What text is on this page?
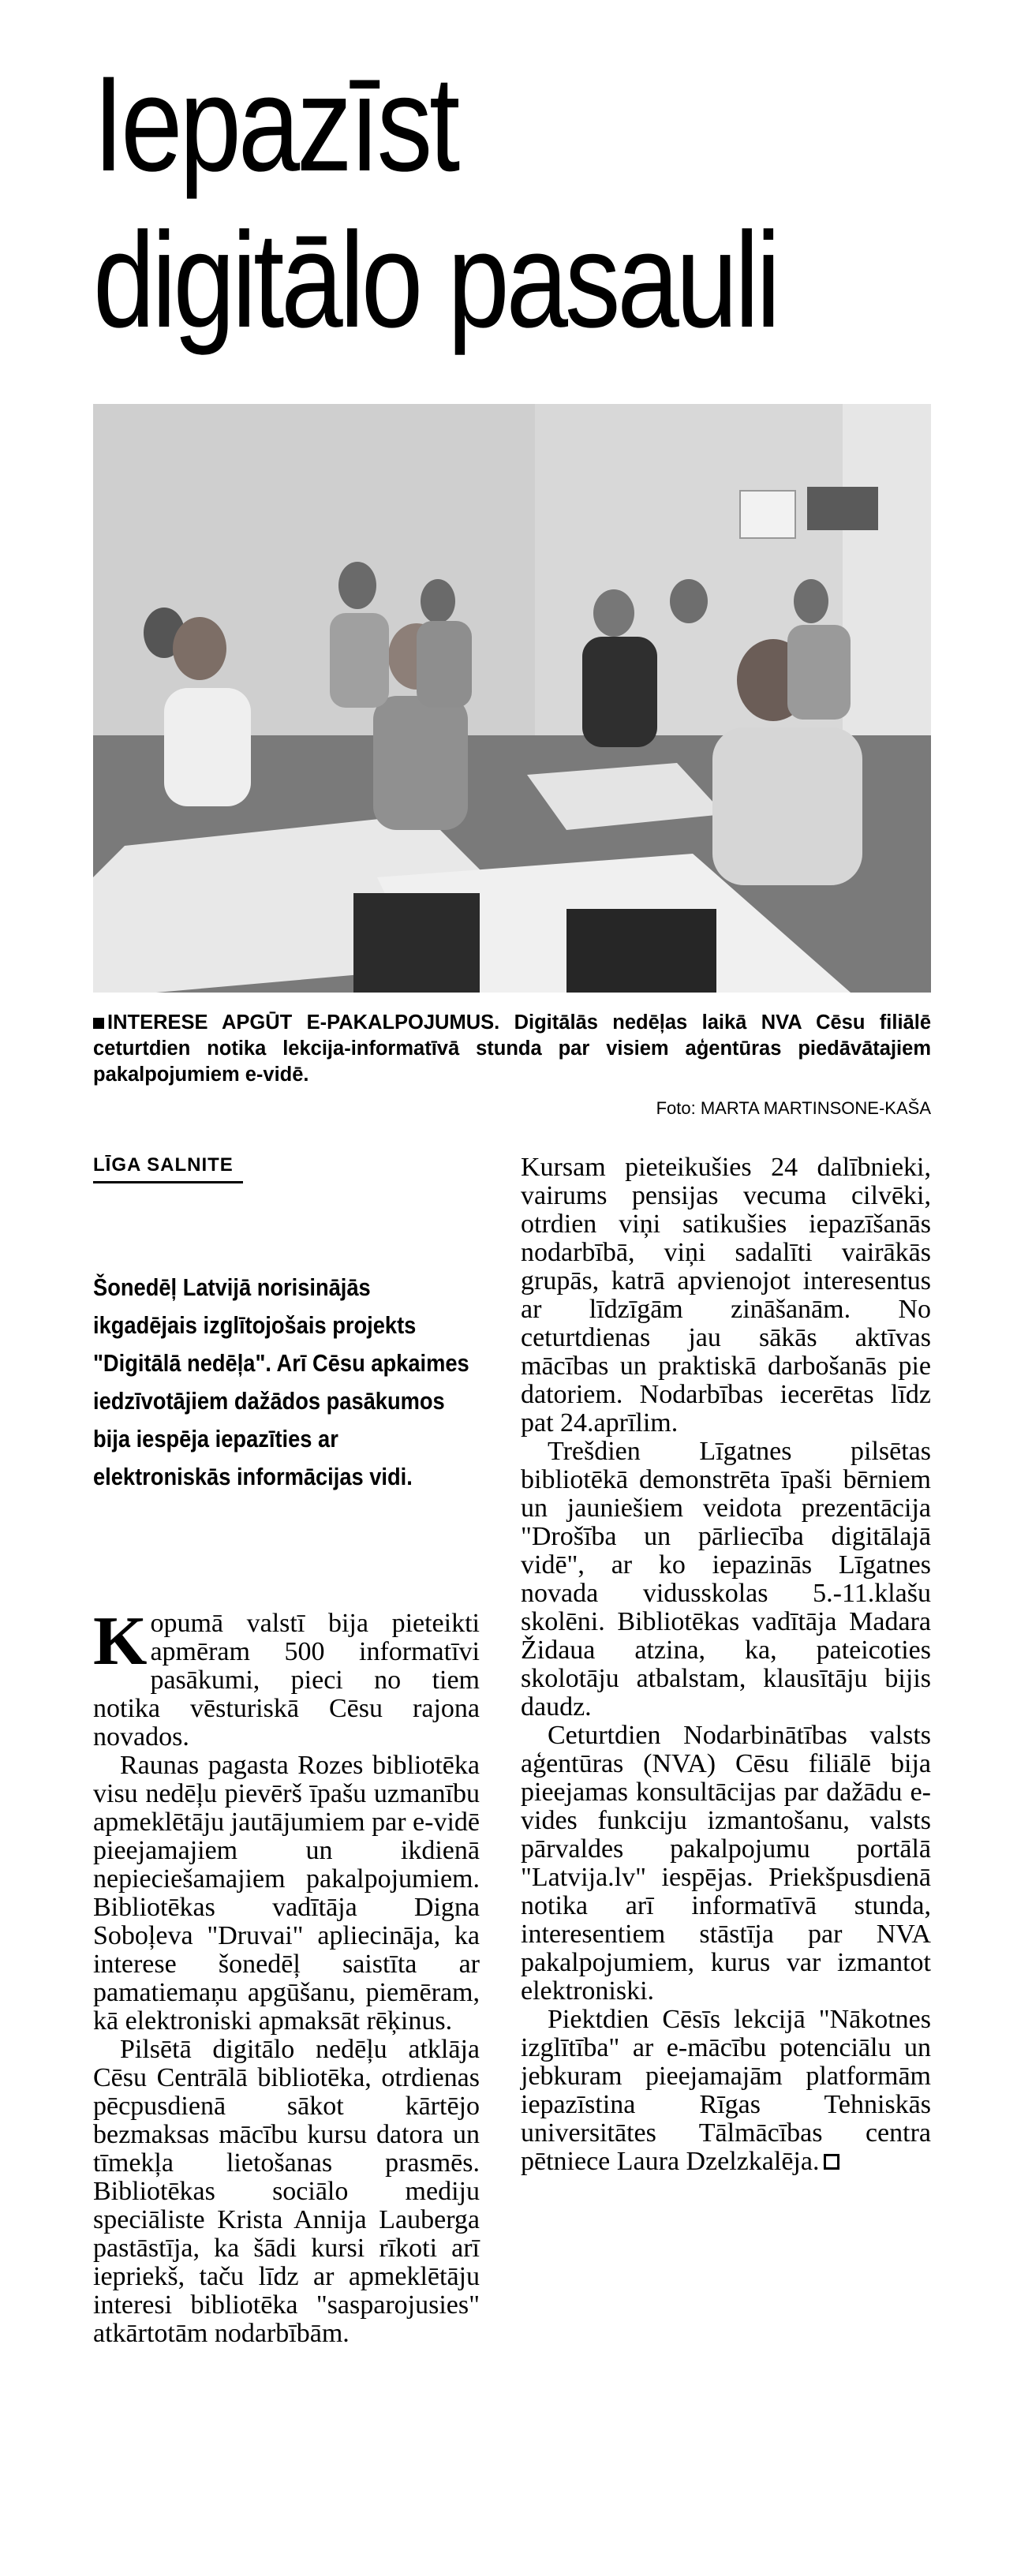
Iepazīst
digitālo pasauli
INTERESE APGŪT E-PAKALPOJUMUS. Digitālās nedēļas laikā NVA Cēsu filiālē ceturtdien notika lekcija-informatīvā stunda par visiem aģentūras piedāvātajiem pakalpojumiem e-vidē.
Foto: MARTA MARTINSONE-KAŠA
LĪGA SALNITE
Šonedēļ Latvijā norisinājās ikgadējais izglītojošais projekts "Digitālā nedēļa". Arī Cēsu apkaimes iedzīvotājiem dažādos pasākumos bija iespēja iepazīties ar elektroniskās informācijas vidi.

Kopumā valstī bija pieteikti apmēram 500 informatīvi pasākumi, pieci no tiem notika vēsturiskā Cēsu rajona novados.

Raunas pagasta Rozes bibliotēka visu nedēļu pievērš īpašu uzmanību apmeklētāju jautājumiem par e-vidē pieejamajiem un ikdienā nepieciešamajiem pakalpojumiem. Bibliotēkas vadītāja Digna Soboļeva "Druvai" apliecināja, ka interese šonedēļ saistīta ar pamatiemaņu apgūšanu, piemēram, kā elektroniski apmaksāt rēķinus.

Pilsētā digitālo nedēļu atklāja Cēsu Centrālā bibliotēka, otrdienas pēcpusdienā sākot kārtējo bezmaksas mācību kursu datora un tīmekļa lietošanas prasmēs. Bibliotēkas sociālo mediju speciāliste Krista Annija Lauberga pastāstīja, ka šādi kursi rīkoti arī iepriekš, taču līdz ar apmeklētāju interesi bibliotēka "sasparojusies" atkārtotām nodarbībām.

Kursam pieteikušies 24 dalībnieki, vairums pensijas vecuma cilvēki, otrdien viņi satikušies iepazīšanās nodarbībā, viņi sadalīti vairākās grupās, katrā apvienojot interesentus ar līdzīgām zināšanām. No ceturtdienas jau sākās aktīvas mācības un praktiskā darbošanās pie datoriem. Nodarbības iecerētas līdz pat 24.aprīlim.

Trešdien Līgatnes pilsētas bibliotēkā demonstrēta īpaši bērniem un jauniešiem veidota prezentācija "Drošība un pārliecība digitālajā vidē", ar ko iepazinās Līgatnes novada vidusskolas 5.-11.klašu skolēni. Bibliotēkas vadītāja Madara Židaua atzina, ka, pateicoties skolotāju atbalstam, klausītāju bijis daudz.

Ceturtdien Nodarbinātības valsts aģentūras (NVA) Cēsu filiālē bija pieejamas konsultācijas par dažādu e-vides funkciju izmantošanu, valsts pārvaldes pakalpojumu portālā "Latvija.lv" iespējas. Priekšpusdienā notika arī informatīvā stunda, interesentiem stāstīja par NVA pakalpojumiem, kurus var izmantot elektroniski.

Piektdien Cēsīs lekcijā "Nākotnes izglītība" ar e-mācību potenciālu un jebkuram pieejamajām platformām iepazīstina Rīgas Tehniskās universitātes Tālmācības centra pētniece Laura Dzelzkalēja.
